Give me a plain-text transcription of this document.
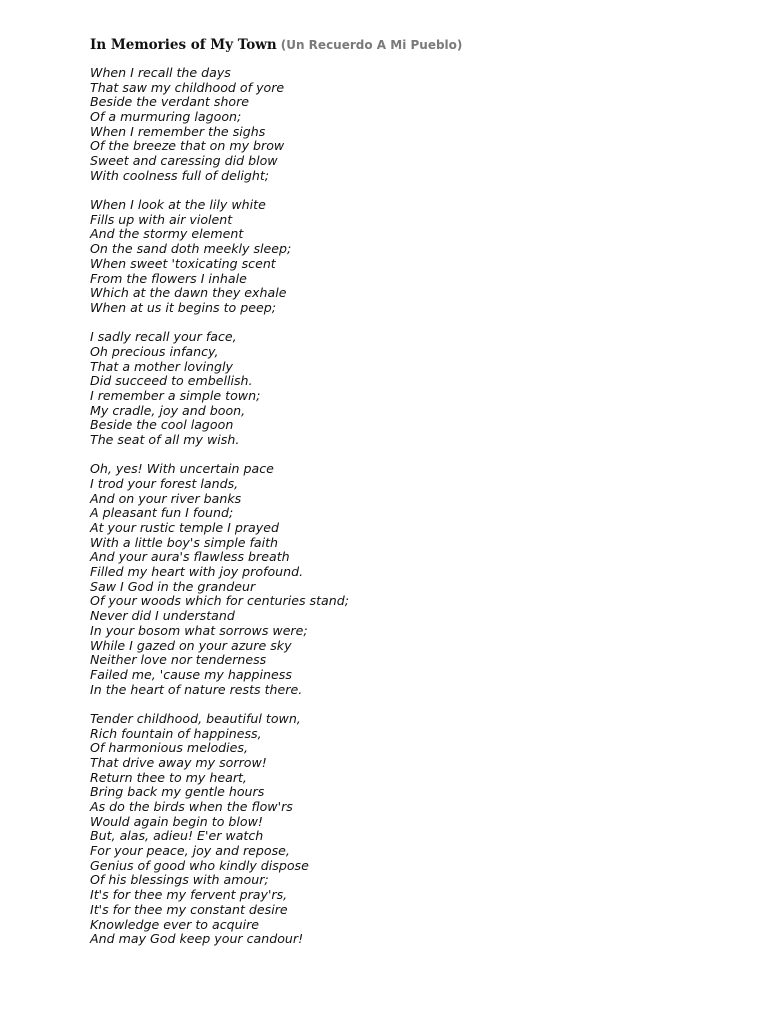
In Memories of My Town (Un Recuerdo A Mi Pueblo)

When I recall the days
That saw my childhood of yore
Beside the verdant shore
Of a murmuring lagoon;
When I remember the sighs
Of the breeze that on my brow
Sweet and caressing did blow
With coolness full of delight;
When I look at the lily white
Fills up with air violent
And the stormy element
On the sand doth meekly sleep;
When sweet 'toxicating scent
From the flowers I inhale
Which at the dawn they exhale
When at us it begins to peep;
I sadly recall your face,
Oh precious infancy,
That a mother lovingly
Did succeed to embellish.
I remember a simple town;
My cradle, joy and boon,
Beside the cool lagoon
The seat of all my wish.
Oh, yes! With uncertain pace
I trod your forest lands,
And on your river banks
A pleasant fun I found;
At your rustic temple I prayed
With a little boy's simple faith
And your aura's flawless breath
Filled my heart with joy profound.
Saw I God in the grandeur
Of your woods which for centuries stand;
Never did I understand
In your bosom what sorrows were;
While I gazed on your azure sky
Neither love nor tenderness
Failed me, 'cause my happiness
In the heart of nature rests there.
Tender childhood, beautiful town,
Rich fountain of happiness,
Of harmonious melodies,
That drive away my sorrow!
Return thee to my heart,
Bring back my gentle hours
As do the birds when the flow'rs
Would again begin to blow!
But, alas, adieu! E'er watch
For your peace, joy and repose,
Genius of good who kindly dispose
Of his blessings with amour;
It's for thee my fervent pray'rs,
It's for thee my constant desire
Knowledge ever to acquire
And may God keep your candour!
